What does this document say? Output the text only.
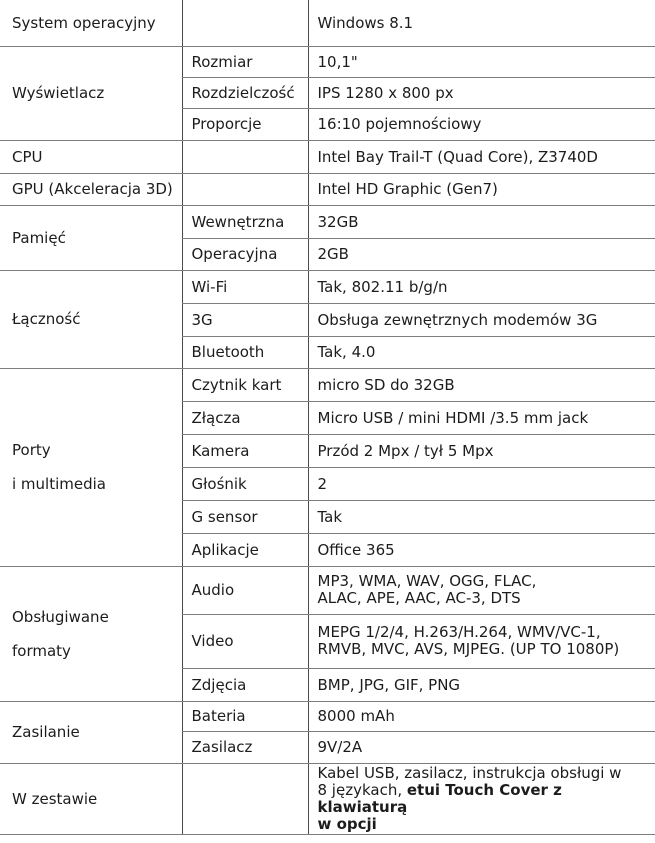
System operacyjny		Windows 8.1
Wyświetlacz	Rozmiar	10,1"
	Rozdzielczość	IPS 1280 x 800 px
	Proporcje	16:10 pojemnościowy
CPU		Intel Bay Trail-T (Quad Core), Z3740D
GPU (Akceleracja 3D)		Intel HD Graphic (Gen7)
Pamięć	Wewnętrzna	32GB
	Operacyjna	2GB
Łączność	Wi-Fi	Tak, 802.11 b/g/n
	3G	Obsługa zewnętrznych modemów 3G
	Bluetooth	Tak, 4.0

Porty
i multimedia	Czytnik kart	micro SD do 32GB
	Złącza	Micro USB / mini HDMI /3.5 mm jack
	Kamera	Przód 2 Mpx / tył 5 Mpx
	Głośnik	2
	G sensor	Tak
	Aplikacje	Office 365

Obsługiwane
formaty	Audio	MP3, WMA, WAV, OGG, FLAC,
ALAC, APE, AAC, AC-3, DTS

	Video	MEPG 1/2/4, H.263/H.264, WMV/VC-1,
RMVB, MVC, AVS, MJPEG. (UP TO 1080P)

	Zdjęcia	BMP, JPG, GIF, PNG
Zasilanie	Bateria	8000 mAh
	Zasilacz	9V/2A
W zestawie		Kabel USB, zasilacz, instrukcja obsługi w
8 językach, etui Touch Cover z klawiaturą
w opcji
